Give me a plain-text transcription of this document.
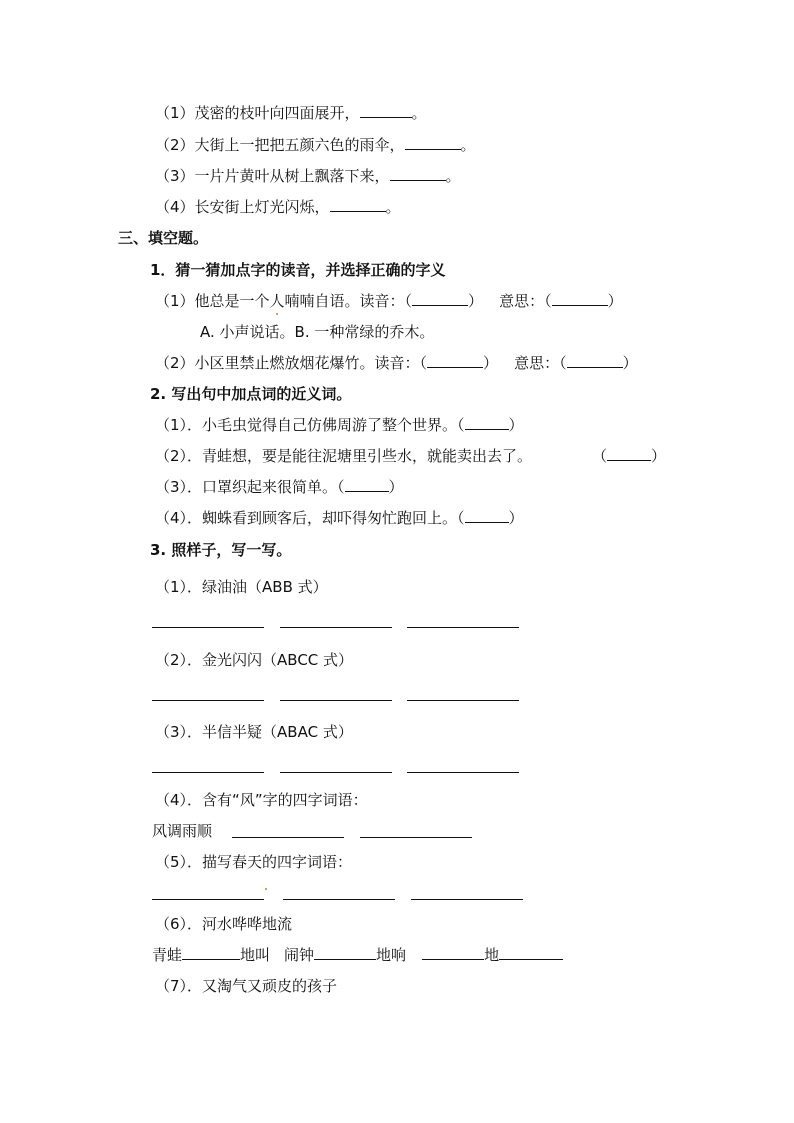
（1）茂密的枝叶向四面展开，	。
（2）大街上一把把五颜六色的雨伞，	。
（3）一片片黄叶从树上飘落下来，	。
（4）长安街上灯光闪烁，	。
三、填空题。
1．猜一猜加点字的读音，并选择正确的字义
（1）他总是一个人喃喃自语。读音：（	） 意思：（	）
A. 小声说话。B. 一种常绿的乔木。
（2）小区里禁止燃放烟花爆竹。读音：（	） 意思：（	）
2. 写出句中加点词的近义词。
（1）．小毛虫觉得自己仿佛周游了整个世界。（	）
（2）．青蛙想，要是能往泥塘里引些水，就能卖出去了。	（	）
（3）．口罩织起来很简单。（	）
（4）．蜘蛛看到顾客后，却吓得匆忙跑回上。（	）
3. 照样子，写一写。
（1）．绿油油（ABB 式）
（2）．金光闪闪（ABCC 式）
（3）．半信半疑（ABAC 式）
（4）．含有“风”字的四字词语：
风调雨顺
（5）．描写春天的四字词语：
（6）．河水哗哗地流
青蛙	地叫 闹钟	地响	地
（7）．又淘气又顽皮的孩子
